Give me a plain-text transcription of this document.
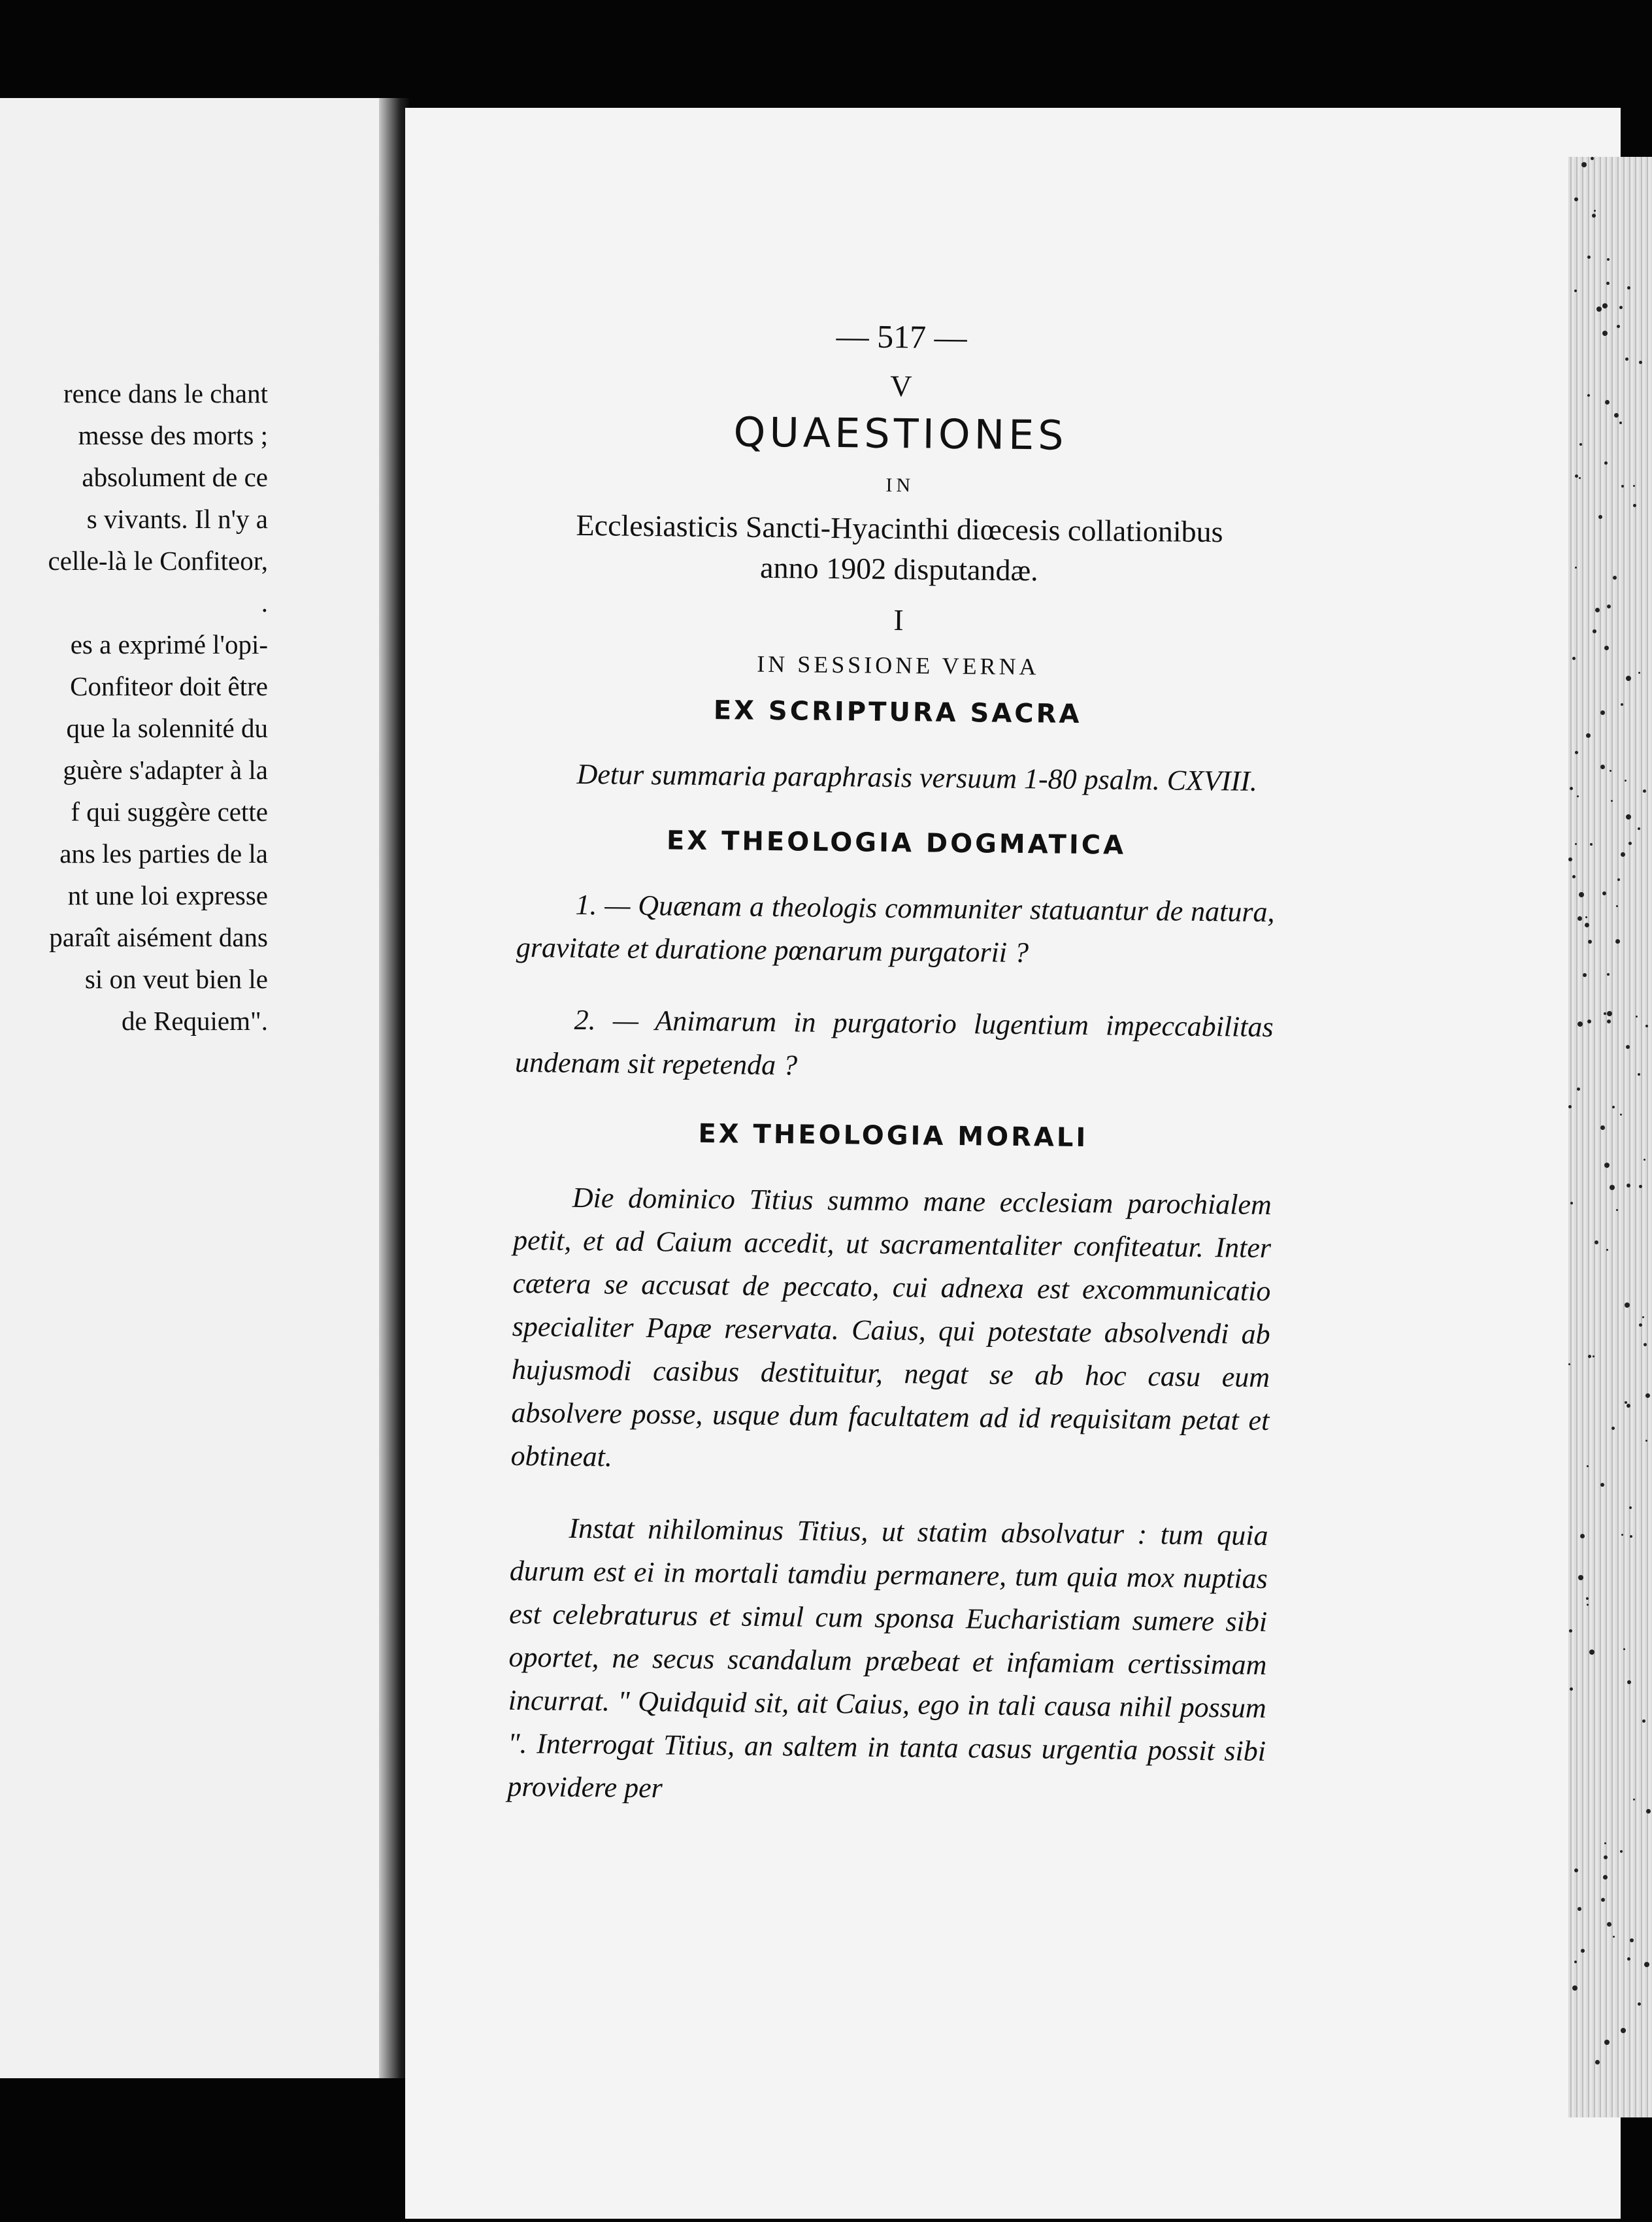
rence dans le chant
messe des morts ;
absolument de ce
s vivants. Il n'y a
celle-là le Confiteor,
.
es a exprimé l'opi-
Confiteor doit être
que la solennité du
guère s'adapter à la
f qui suggère cette
ans les parties de la
nt une loi expresse
paraît aisément dans
si on veut bien le
de Requiem".
— 517 —
V
QUAESTIONES
IN
Ecclesiasticis Sancti-Hyacinthi diœcesis collationibus
anno 1902 disputandæ.
I
IN SESSIONE VERNA
EX SCRIPTURA SACRA

Detur summaria paraphrasis versuum 1-80 psalm. CXVIII.

EX THEOLOGIA DOGMATICA

1. — Quænam a theologis communiter statuantur de natura, gravitate et duratione pœnarum purgatorii ?

2. — Animarum in purgatorio lugentium impeccabilitas undenam sit repetenda ?

EX THEOLOGIA MORALI

Die dominico Titius summo mane ecclesiam parochialem petit, et ad Caium accedit, ut sacramentaliter confiteatur. Inter cætera se accusat de peccato, cui adnexa est excommunicatio specialiter Papæ reservata. Caius, qui potestate absolvendi ab hujusmodi casibus destituitur, negat se ab hoc casu eum absolvere posse, usque dum facultatem ad id requisitam petat et obtineat.

Instat nihilominus Titius, ut statim absolvatur : tum quia durum est ei in mortali tamdiu permanere, tum quia mox nuptias est celebraturus et simul cum sponsa Eucharistiam sumere sibi oportet, ne secus scandalum præbeat et infamiam certissimam incurrat. " Quidquid sit, ait Caius, ego in tali causa nihil possum ". Interrogat Titius, an saltem in tanta casus urgentia possit sibi providere per
